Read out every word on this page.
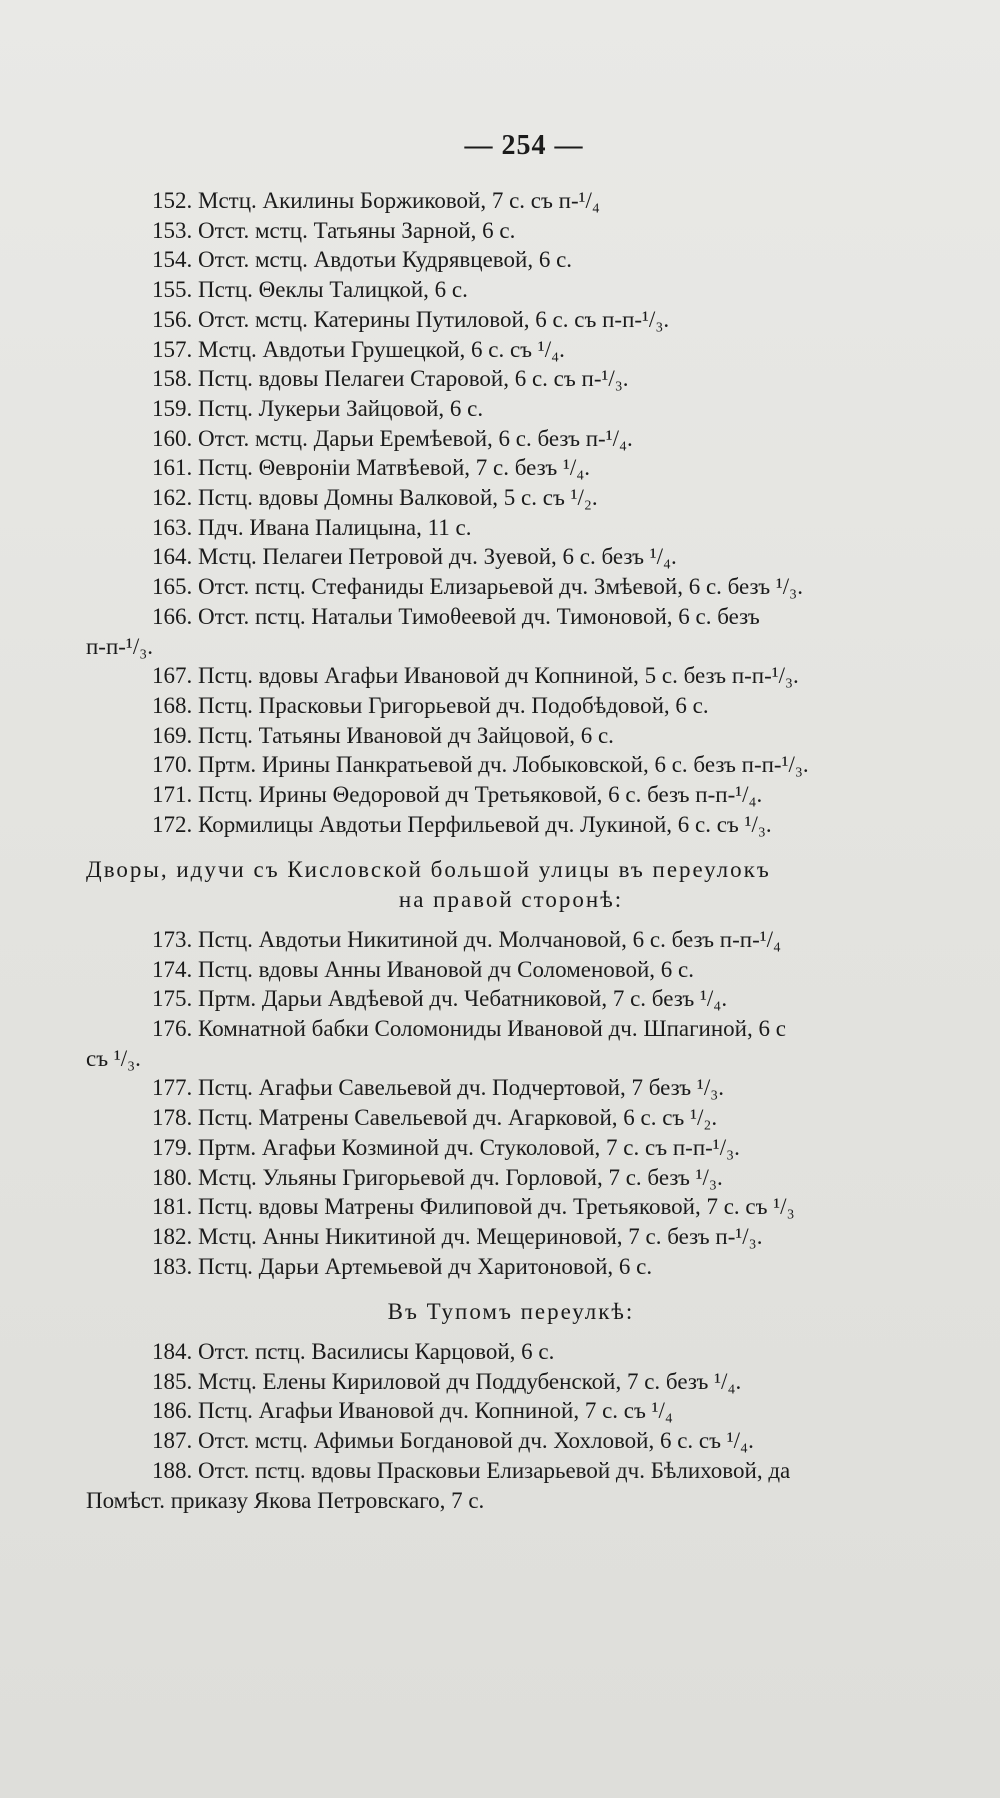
— 254 —
152. Мстц. Акилины Боржиковой, 7 с. съ п-¹/₄
153. Отст. мстц. Татьяны Зарной, 6 с.
154. Отст. мстц. Авдотьи Кудрявцевой, 6 с.
155. Пстц. Θеклы Талицкой, 6 с.
156. Отст. мстц. Катерины Путиловой, 6 с. съ п-п-¹/₃.
157. Мстц. Авдотьи Грушецкой, 6 с. съ ¹/₄.
158. Пстц. вдовы Пелагеи Старовой, 6 с. съ п-¹/₃.
159. Пстц. Лукерьи Зайцовой, 6 с.
160. Отст. мстц. Дарьи Еремѣевой, 6 с. безъ п-¹/₄.
161. Пстц. Θевронiи Матвѣевой, 7 с. безъ ¹/₄.
162. Пстц. вдовы Домны Валковой, 5 с. съ ¹/₂.
163. Пдч. Ивана Палицына, 11 с.
164. Мстц. Пелагеи Петровой дч. Зуевой, 6 с. безъ ¹/₄.
165. Отст. пстц. Стефаниды Елизарьевой дч. Змѣевой, 6 с. безъ ¹/₃.
166. Отст. пстц. Натальи Тимоθеевой дч. Тимоновой, 6 с. безъ
п-п-¹/₃.
167. Пстц. вдовы Агафьи Ивановой дч Копниной, 5 с. безъ п-п-¹/₃.
168. Пстц. Прасковьи Григорьевой дч. Подобѣдовой, 6 с.
169. Пстц. Татьяны Ивановой дч Зайцовой, 6 с.
170. Пртм. Ирины Панкратьевой дч. Лобыковской, 6 с. безъ п-п-¹/₃.
171. Пстц. Ирины Θедоровой дч Третьяковой, 6 с. безъ п-п-¹/₄.
172. Кормилицы Авдотьи Перфильевой дч. Лукиной, 6 с. съ ¹/₃.
Дворы, идучи съ Кисловской большой улицы въ переулокъ
на правой сторонѣ:
173. Пстц. Авдотьи Никитиной дч. Молчановой, 6 с. безъ п-п-¹/₄
174. Пстц. вдовы Анны Ивановой дч Соломеновой, 6 с.
175. Пртм. Дарьи Авдѣевой дч. Чебатниковой, 7 с. безъ ¹/₄.
176. Комнатной бабки Соломониды Ивановой дч. Шпагиной, 6 с
съ ¹/₃.
177. Пстц. Агафьи Савельевой дч. Подчертовой, 7 безъ ¹/₃.
178. Пстц. Матрены Савельевой дч. Агарковой, 6 с. съ ¹/₂.
179. Пртм. Агафьи Козминой дч. Стуколовой, 7 с. съ п-п-¹/₃.
180. Мстц. Ульяны Григорьевой дч. Горловой, 7 с. безъ ¹/₃.
181. Пстц. вдовы Матрены Филиповой дч. Третьяковой, 7 с. съ ¹/₃
182. Мстц. Анны Никитиной дч. Мещериновой, 7 с. безъ п-¹/₃.
183. Пстц. Дарьи Артемьевой дч Харитоновой, 6 с.
Въ Тупомъ переулкѣ:
184. Отст. пстц. Василисы Карцовой, 6 с.
185. Мстц. Елены Кириловой дч Поддубенской, 7 с. безъ ¹/₄.
186. Пстц. Агафьи Ивановой дч. Копниной, 7 с. съ ¹/₄
187. Отст. мстц. Афимьи Богдановой дч. Хохловой, 6 с. съ ¹/₄.
188. Отст. пстц. вдовы Прасковьи Елизарьевой дч. Бѣлиховой, да
Помѣст. приказу Якова Петровскаго, 7 с.
